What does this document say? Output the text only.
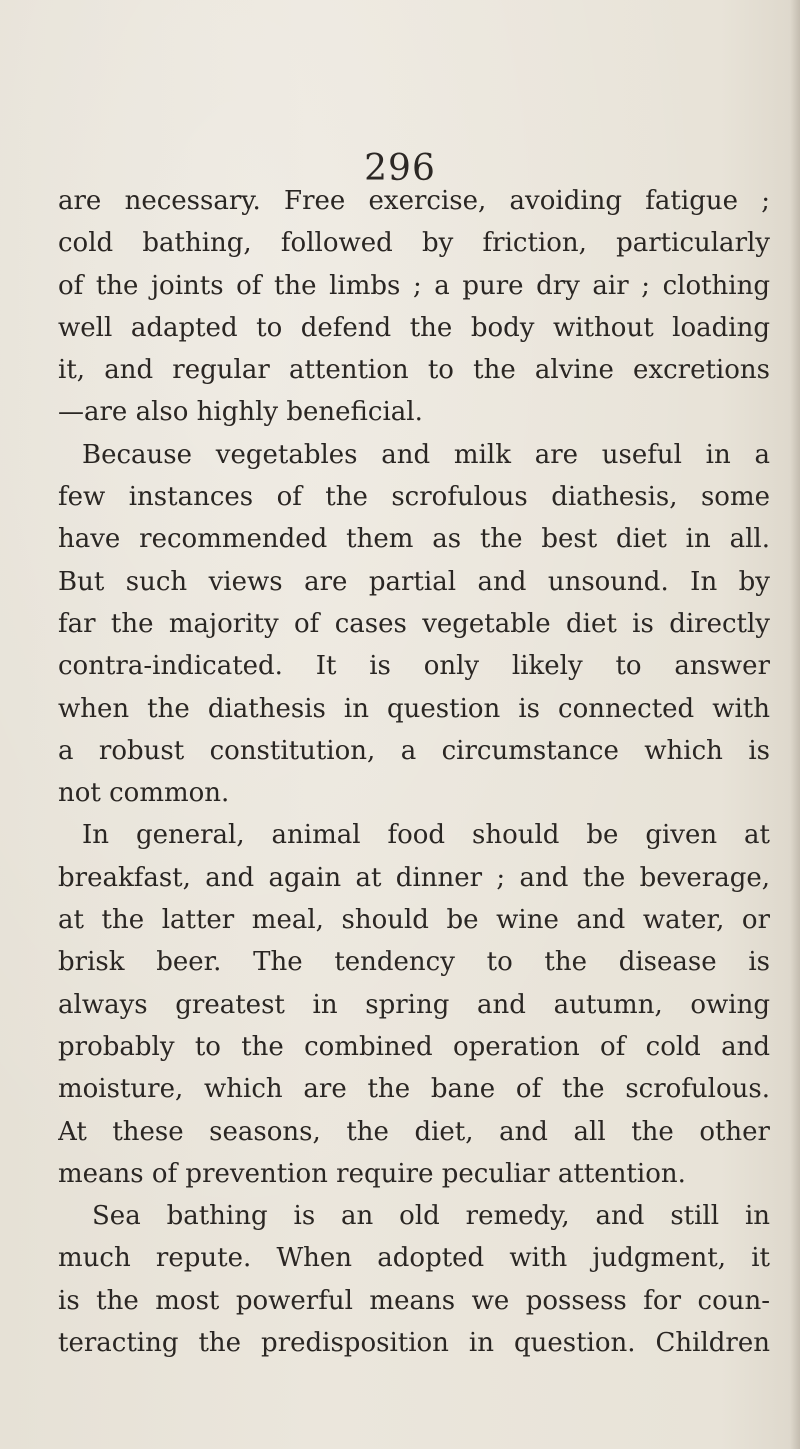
296
are necessary. Free exercise, avoiding fatigue ;
cold bathing, followed by friction, particularly
of the joints of the limbs ; a pure dry air ; clothing
well adapted to defend the body without loading
it, and regular attention to the alvine excretions
—are also highly beneficial.
Because vegetables and milk are useful in a
few instances of the scrofulous diathesis, some
have recommended them as the best diet in all.
But such views are partial and unsound. In by
far the majority of cases vegetable diet is directly
contra-indicated. It is only likely to answer
when the diathesis in question is connected with
a robust constitution, a circumstance which is
not common.
In general, animal food should be given at
breakfast, and again at dinner ; and the beverage,
at the latter meal, should be wine and water, or
brisk beer. The tendency to the disease is
always greatest in spring and autumn, owing
probably to the combined operation of cold and
moisture, which are the bane of the scrofulous.
At these seasons, the diet, and all the other
means of prevention require peculiar attention.
Sea bathing is an old remedy, and still in
much repute. When adopted with judgment, it
is the most powerful means we possess for coun-
teracting the predisposition in question. Children
